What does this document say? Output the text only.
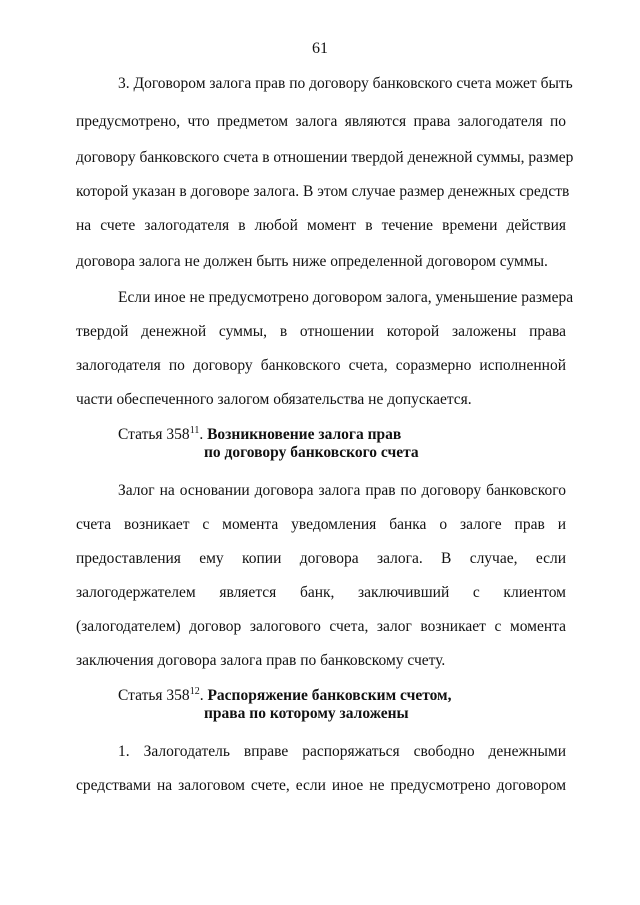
61
3. Договором залога прав по договору банковского счета может быть
предусмотрено, что предметом залога являются права залогодателя по
договору банковского счета в отношении твердой денежной суммы, размер
которой указан в договоре залога. В этом случае размер денежных средств
на счете залогодателя в любой момент в течение времени действия
договора залога не должен быть ниже определенной договором суммы.
Если иное не предусмотрено договором залога, уменьшение размера
твердой денежной суммы, в отношении которой заложены права
залогодателя по договору банковского счета, соразмерно исполненной
части обеспеченного залогом обязательства не допускается.
Статья $358^{11}$. Возникновение залога прав
по договору банковского счета
Залог на основании договора залога прав по договору банковского
счета возникает с момента уведомления банка о залоге прав и
предоставления ему копии договора залога. В случае, если
залогодержателем является банк, заключивший с клиентом
(залогодателем) договор залогового счета, залог возникает с момента
заключения договора залога прав по банковскому счету.
Статья $358^{12}$. Распоряжение банковским счетом,
права по которому заложены
1. Залогодатель вправе распоряжаться свободно денежными
средствами на залоговом счете, если иное не предусмотрено договором
